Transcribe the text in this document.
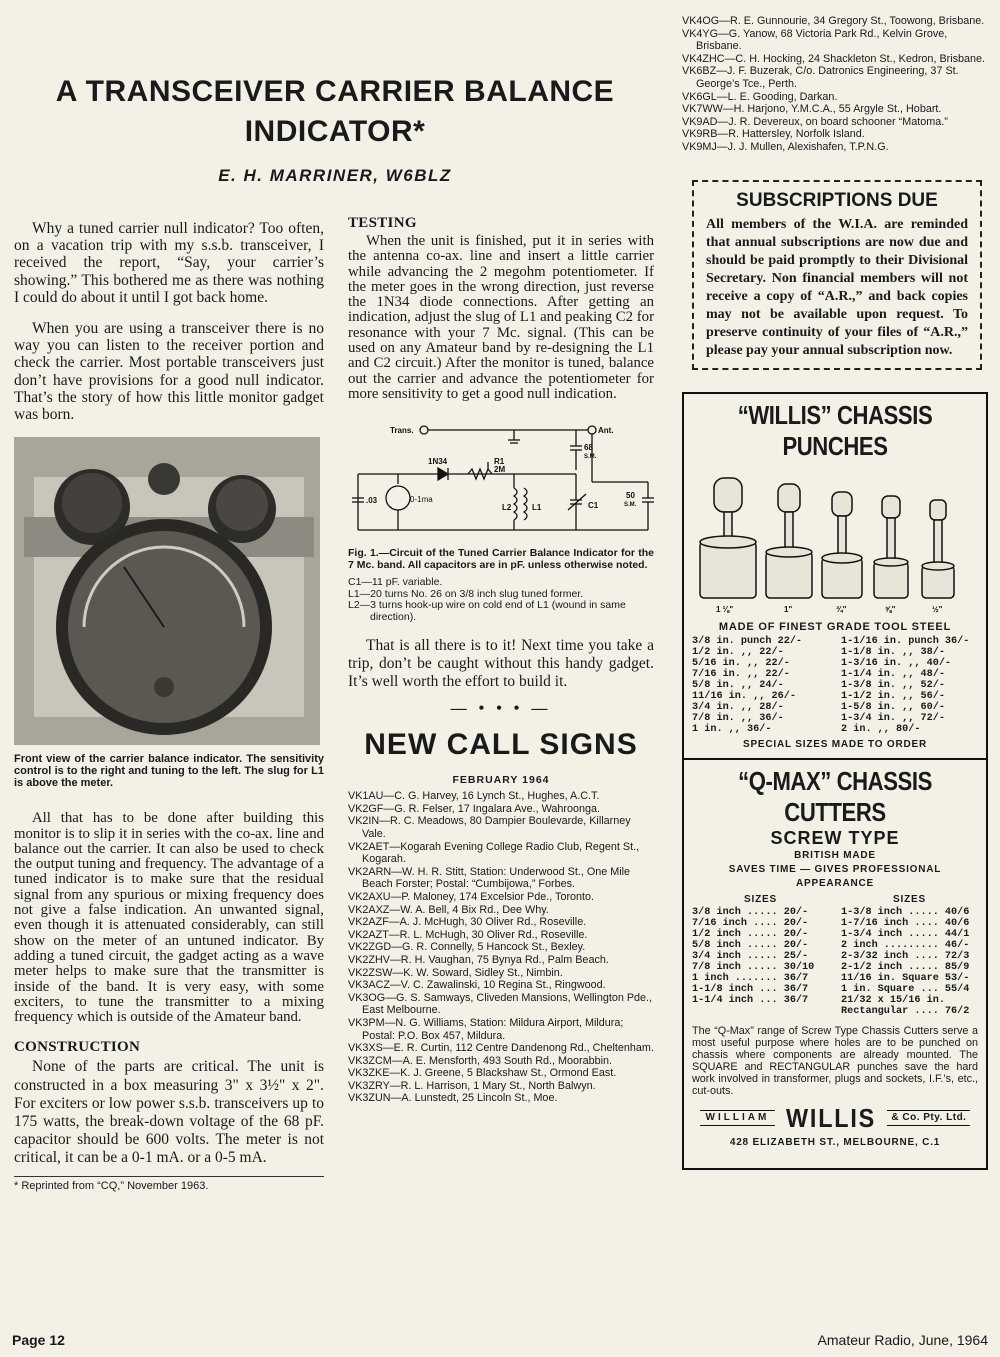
A TRANSCEIVER CARRIER BALANCE INDICATOR*
E. H. MARRINER, W6BLZ

Why a tuned carrier null indicator? Too often, on a vacation trip with my s.s.b. transceiver, I received the report, “Say, your carrier’s showing.” This bothered me as there was nothing I could do about it until I got back home.

When you are using a transceiver there is no way you can listen to the receiver portion and check the carrier. Most portable transceivers just don’t have provisions for a good null indicator. That’s the story of how this little monitor gadget was born.

Front view of the carrier balance indicator. The sensitivity control is to the right and tuning to the left. The slug for L1 is above the meter.

All that has to be done after building this monitor is to slip it in series with the co-ax. line and balance out the carrier. It can also be used to check the output tuning and frequency. The advantage of a tuned indicator is to make sure that the residual signal from any spurious or mixing frequency does not give a false indication. An unwanted signal, even though it is attenuated considerably, can still show on the meter of an untuned indicator. By adding a tuned circuit, the gadget acting as a wave meter helps to make sure that the transmitter is inside of the band. It is very easy, with some exciters, to tune the transmitter to a mixing frequency which is outside of the Amateur band.

CONSTRUCTION

None of the parts are critical. The unit is constructed in a box measuring 3" x 3½" x 2". For exciters or low power s.s.b. transceivers up to 175 watts, the break-down voltage of the 68 pF. capacitor should be 600 volts. The meter is not critical, it can be a 0-1 mA. or a 0-5 mA.

* Reprinted from “CQ,” November 1963.
TESTING

When the unit is finished, put it in series with the antenna co-ax. line and insert a little carrier while advancing the 2 megohm potentiometer. If the meter goes in the wrong direction, just reverse the 1N34 diode connections. After getting an indication, adjust the slug of L1 and peaking C2 for resonance with your 7 Mc. signal. (This can be used on any Amateur band by re-designing the L1 and C2 circuit.) After the monitor is tuned, balance out the carrier and advance the potentiometer for more sensitivity to get a good null indication.

Trans.	Ant.
1N34	R1
2M
68
S.M.
.03	0-1ma
L2	L1	C1
50
S.M.

Fig. 1.—Circuit of the Tuned Carrier Balance Indicator for the 7 Mc. band. All capacitors are in pF. unless otherwise noted.

C1—11 pF. variable.
L1—20 turns No. 26 on 3/8 inch slug tuned former.
L2—3 turns hook-up wire on cold end of L1 (wound in same direction).

That is all there is to it! Next time you take a trip, don’t be caught without this handy gadget. It’s well worth the effort to build it.

— • • • —
NEW CALL SIGNS
FEBRUARY 1964
VK1AU—C. G. Harvey, 16 Lynch St., Hughes, A.C.T.
VK2GF—G. R. Felser, 17 Ingalara Ave., Wahroonga.
VK2IN—R. C. Meadows, 80 Dampier Boulevarde, Killarney Vale.
VK2AET—Kogarah Evening College Radio Club, Regent St., Kogarah.
VK2ARN—W. H. R. Stitt, Station: Underwood St., One Mile Beach Forster; Postal: “Cumbijowa,” Forbes.
VK2AXU—P. Maloney, 174 Excelsior Pde., Toronto.
VK2AXZ—W. A. Bell, 4 Bix Rd., Dee Why.
VK2AZF—A. J. McHugh, 30 Oliver Rd., Roseville.
VK2AZT—R. L. McHugh, 30 Oliver Rd., Roseville.
VK2ZGD—G. R. Connelly, 5 Hancock St., Bexley.
VK2ZHV—R. H. Vaughan, 75 Bynya Rd., Palm Beach.
VK2ZSW—K. W. Soward, Sidley St., Nimbin.
VK3ACZ—V. C. Zawalinski, 10 Regina St., Ringwood.
VK3OG—G. S. Samways, Cliveden Mansions, Wellington Pde., East Melbourne.
VK3PM—N. G. Williams, Station: Mildura Airport, Mildura; Postal: P.O. Box 457, Mildura.
VK3XS—E. R. Curtin, 112 Centre Dandenong Rd., Cheltenham.
VK3ZCM—A. E. Mensforth, 493 South Rd., Moorabbin.
VK3ZKE—K. J. Greene, 5 Blackshaw St., Ormond East.
VK3ZRY—R. L. Harrison, 1 Mary St., North Balwyn.
VK3ZUN—A. Lunstedt, 25 Lincoln St., Moe.
VK4OG—R. E. Gunnourie, 34 Gregory St., Toowong, Brisbane.
VK4YG—G. Yanow, 68 Victoria Park Rd., Kelvin Grove, Brisbane.
VK4ZHC—C. H. Hocking, 24 Shackleton St., Kedron, Brisbane.
VK6BZ—J. F. Buzerak, C/o. Datronics Engineering, 37 St. George’s Tce., Perth.
VK6GL—L. E. Gooding, Darkan.
VK7WW—H. Harjono, Y.M.C.A., 55 Argyle St., Hobart.
VK9AD—J. R. Devereux, on board schooner “Matoma.”
VK9RB—R. Hattersley, Norfolk Island.
VK9MJ—J. J. Mullen, Alexishafen, T.P.N.G.
SUBSCRIPTIONS DUE
All members of the W.I.A. are reminded that annual subscriptions are now due and should be paid promptly to their Divisional Secretary. Non financial members will not receive a copy of “A.R.,” and back copies may not be available upon request. To preserve continuity of your files of “A.R.,” please pay your annual subscription now.
“WILLIS” CHASSIS PUNCHES
1 ⅛"	1"	¾"	⅝"	½"
MADE OF FINEST GRADE TOOL STEEL
3/8 in. punch 22/-
1/2 in. ,, 22/-
5/16 in. ,, 22/-
7/16 in. ,, 22/-
5/8 in. ,, 24/-
11/16 in. ,, 26/-
3/4 in. ,, 28/-
7/8 in. ,, 36/-
1 in. ,, 36/-
1-1/16 in. punch 36/-
1-1/8 in. ,, 38/-
1-3/16 in. ,, 40/-
1-1/4 in. ,, 48/-
1-3/8 in. ,, 52/-
1-1/2 in. ,, 56/-
1-5/8 in. ,, 60/-
1-3/4 in. ,, 72/-
2 in. ,, 80/-
SPECIAL SIZES MADE TO ORDER
“Q-MAX” CHASSIS CUTTERS
SCREW TYPE
BRITISH MADE
SAVES TIME — GIVES PROFESSIONAL APPEARANCE
SIZES
3/8 inch ..... 20/-
7/16 inch .... 20/-
1/2 inch ..... 20/-
5/8 inch ..... 20/-
3/4 inch ..... 25/-
7/8 inch ..... 30/10
1 inch ....... 36/7
1-1/8 inch ... 36/7
1-1/4 inch ... 36/7
SIZES
1-3/8 inch ..... 40/6
1-7/16 inch .... 40/6
1-3/4 inch ..... 44/1
2 inch ......... 46/-
2-3/32 inch .... 72/3
2-1/2 inch ..... 85/9
11/16 in. Square 53/-
1 in. Square ... 55/4
21/32 x 15/16 in.
Rectangular .... 76/2

The “Q-Max” range of Screw Type Chassis Cutters serve a most useful purpose where holes are to be punched on chassis where components are already mounted. The SQUARE and RECTANGULAR punches save the hard work involved in transformer, plugs and sockets, I.F.’s, etc., cut-outs.

WILLIAM WILLIS	& Co. Pty. Ltd.
428 ELIZABETH ST., MELBOURNE, C.1
Page 12	Amateur Radio, June, 1964
